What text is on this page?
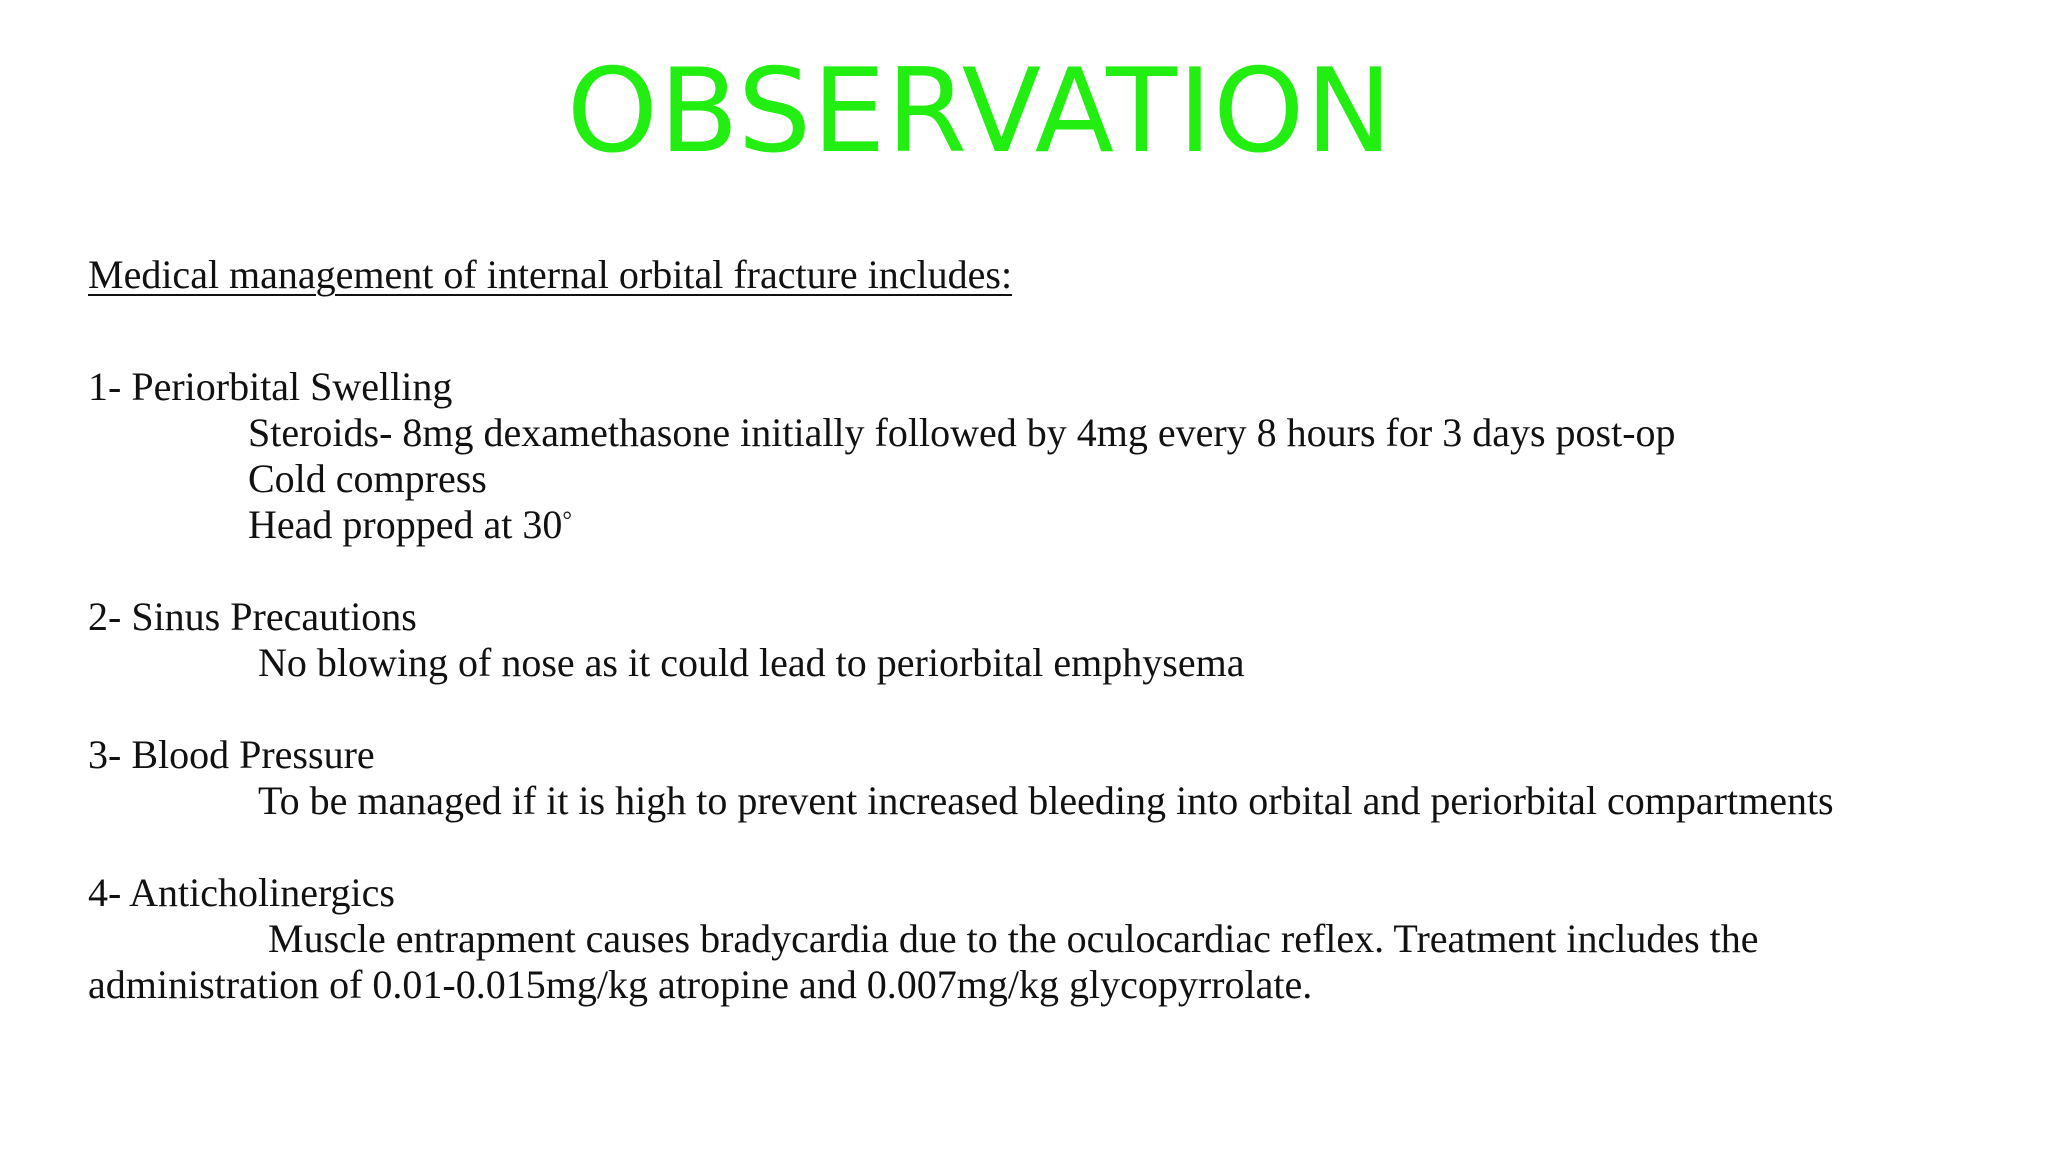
OBSERVATION
Medical management of internal orbital fracture includes:
1- Periorbital Swelling
Steroids- 8mg dexamethasone initially followed by 4mg every 8 hours for 3 days post-op
Cold compress
Head propped at 30°
2- Sinus Precautions
No blowing of nose as it could lead to periorbital emphysema
3- Blood Pressure
To be managed if it is high to prevent increased bleeding into orbital and periorbital compartments
4- Anticholinergics
Muscle entrapment causes bradycardia due to the oculocardiac reflex. Treatment includes the administration of 0.01-0.015mg/kg atropine and 0.007mg/kg glycopyrrolate.
